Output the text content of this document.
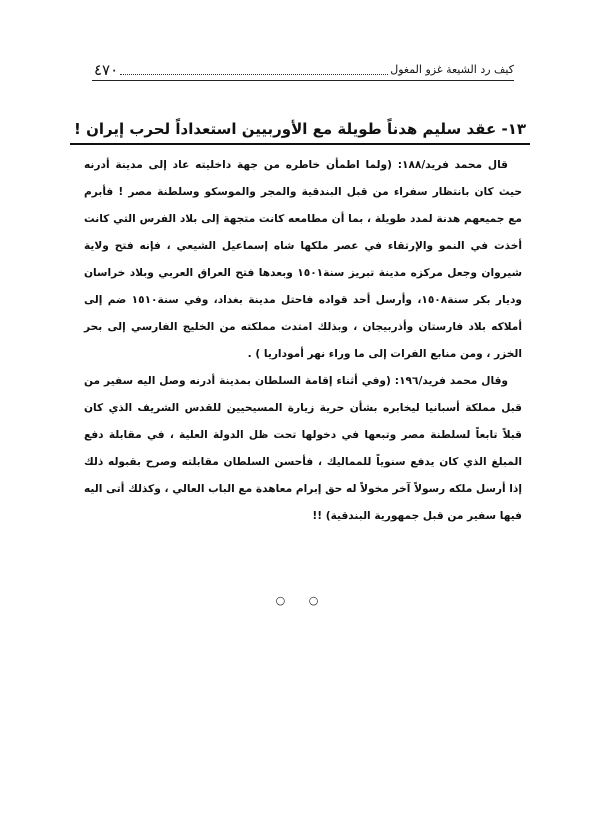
كيف رد الشيعة غزو المغول
٤٧٠
١٣- عقد سليم هدناً طويلة مع الأوربيين استعداداً لحرب إيران !

قال محمد فريد/١٨٨: (ولما اطمأن خاطره من جهة داخليته عاد إلى مدينة أدرنه حيث كان بانتظار سفراء من قبل البندقية والمجر والموسكو وسلطنة مصر ! فأبرم مع جميعهم هدنة لمدد طويلة ، بما أن مطامعه كانت متجهة إلى بلاد الفرس التي كانت أخذت في النمو والإرتقاء في عصر ملكها شاه إسماعيل الشيعي ، فإنه فتح ولاية شيروان وجعل مركزه مدينة تبريز سنة١٥٠١ وبعدها فتح العراق العربي وبلاد خراسان وديار بكر سنة١٥٠٨، وأرسل أحد قواده فاحتل مدينة بغداد، وفي سنة١٥١٠ ضم إلى أملاكه بلاد فارستان وأذربيجان ، وبذلك امتدت مملكته من الخليج الفارسي إلى بحر الخزر ، ومن منابع الفرات إلى ما وراء نهر أموداريا ) .

وقال محمد فريد/١٩٦: (وفي أثناء إقامة السلطان بمدينة أدرنه وصل اليه سفير من قبل مملكة أسبانيا ليخابره بشأن حرية زيارة المسيحيين للقدس الشريف الذي كان قبلاً تابعاً لسلطنة مصر وتبعها في دخولها تحت ظل الدولة العلية ، في مقابلة دفع المبلغ الذي كان يدفع سنوياً للمماليك ، فأحسن السلطان مقابلته وصرح بقبوله ذلك إذا أرسل ملكه رسولاً آخر مخولاً له حق إبرام معاهدة مع الباب العالي ، وكذلك أتى اليه فيها سفير من قبل جمهورية البندقية) !!

○ ○
